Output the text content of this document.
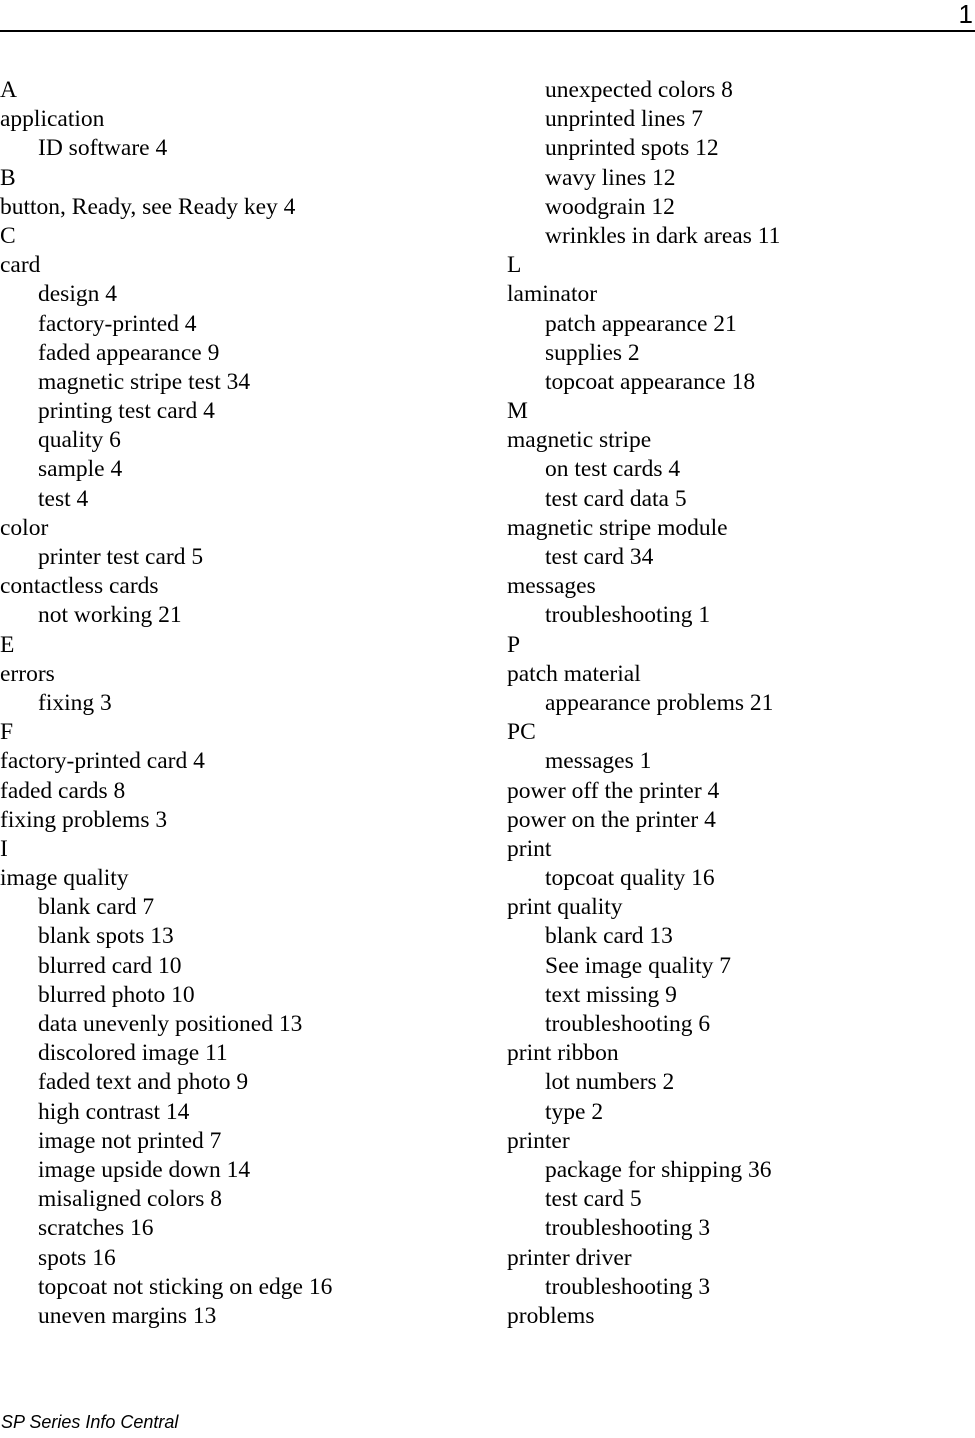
1
A
application
ID software 4
B
button, Ready, see Ready key 4
C
card
design 4
factory-printed 4
faded appearance 9
magnetic stripe test 34
printing test card 4
quality 6
sample 4
test 4
color
printer test card 5
contactless cards
not working 21
E
errors
fixing 3
F
factory-printed card 4
faded cards 8
fixing problems 3
I
image quality
blank card 7
blank spots 13
blurred card 10
blurred photo 10
data unevenly positioned 13
discolored image 11
faded text and photo 9
high contrast 14
image not printed 7
image upside down 14
misaligned colors 8
scratches 16
spots 16
topcoat not sticking on edge 16
uneven margins 13
unexpected colors 8
unprinted lines 7
unprinted spots 12
wavy lines 12
woodgrain 12
wrinkles in dark areas 11
L
laminator
patch appearance 21
supplies 2
topcoat appearance 18
M
magnetic stripe
on test cards 4
test card data 5
magnetic stripe module
test card 34
messages
troubleshooting 1
P
patch material
appearance problems 21
PC
messages 1
power off the printer 4
power on the printer 4
print
topcoat quality 16
print quality
blank card 13
See image quality 7
text missing 9
troubleshooting 6
print ribbon
lot numbers 2
type 2
printer
package for shipping 36
test card 5
troubleshooting 3
printer driver
troubleshooting 3
problems
SP Series Info Central
